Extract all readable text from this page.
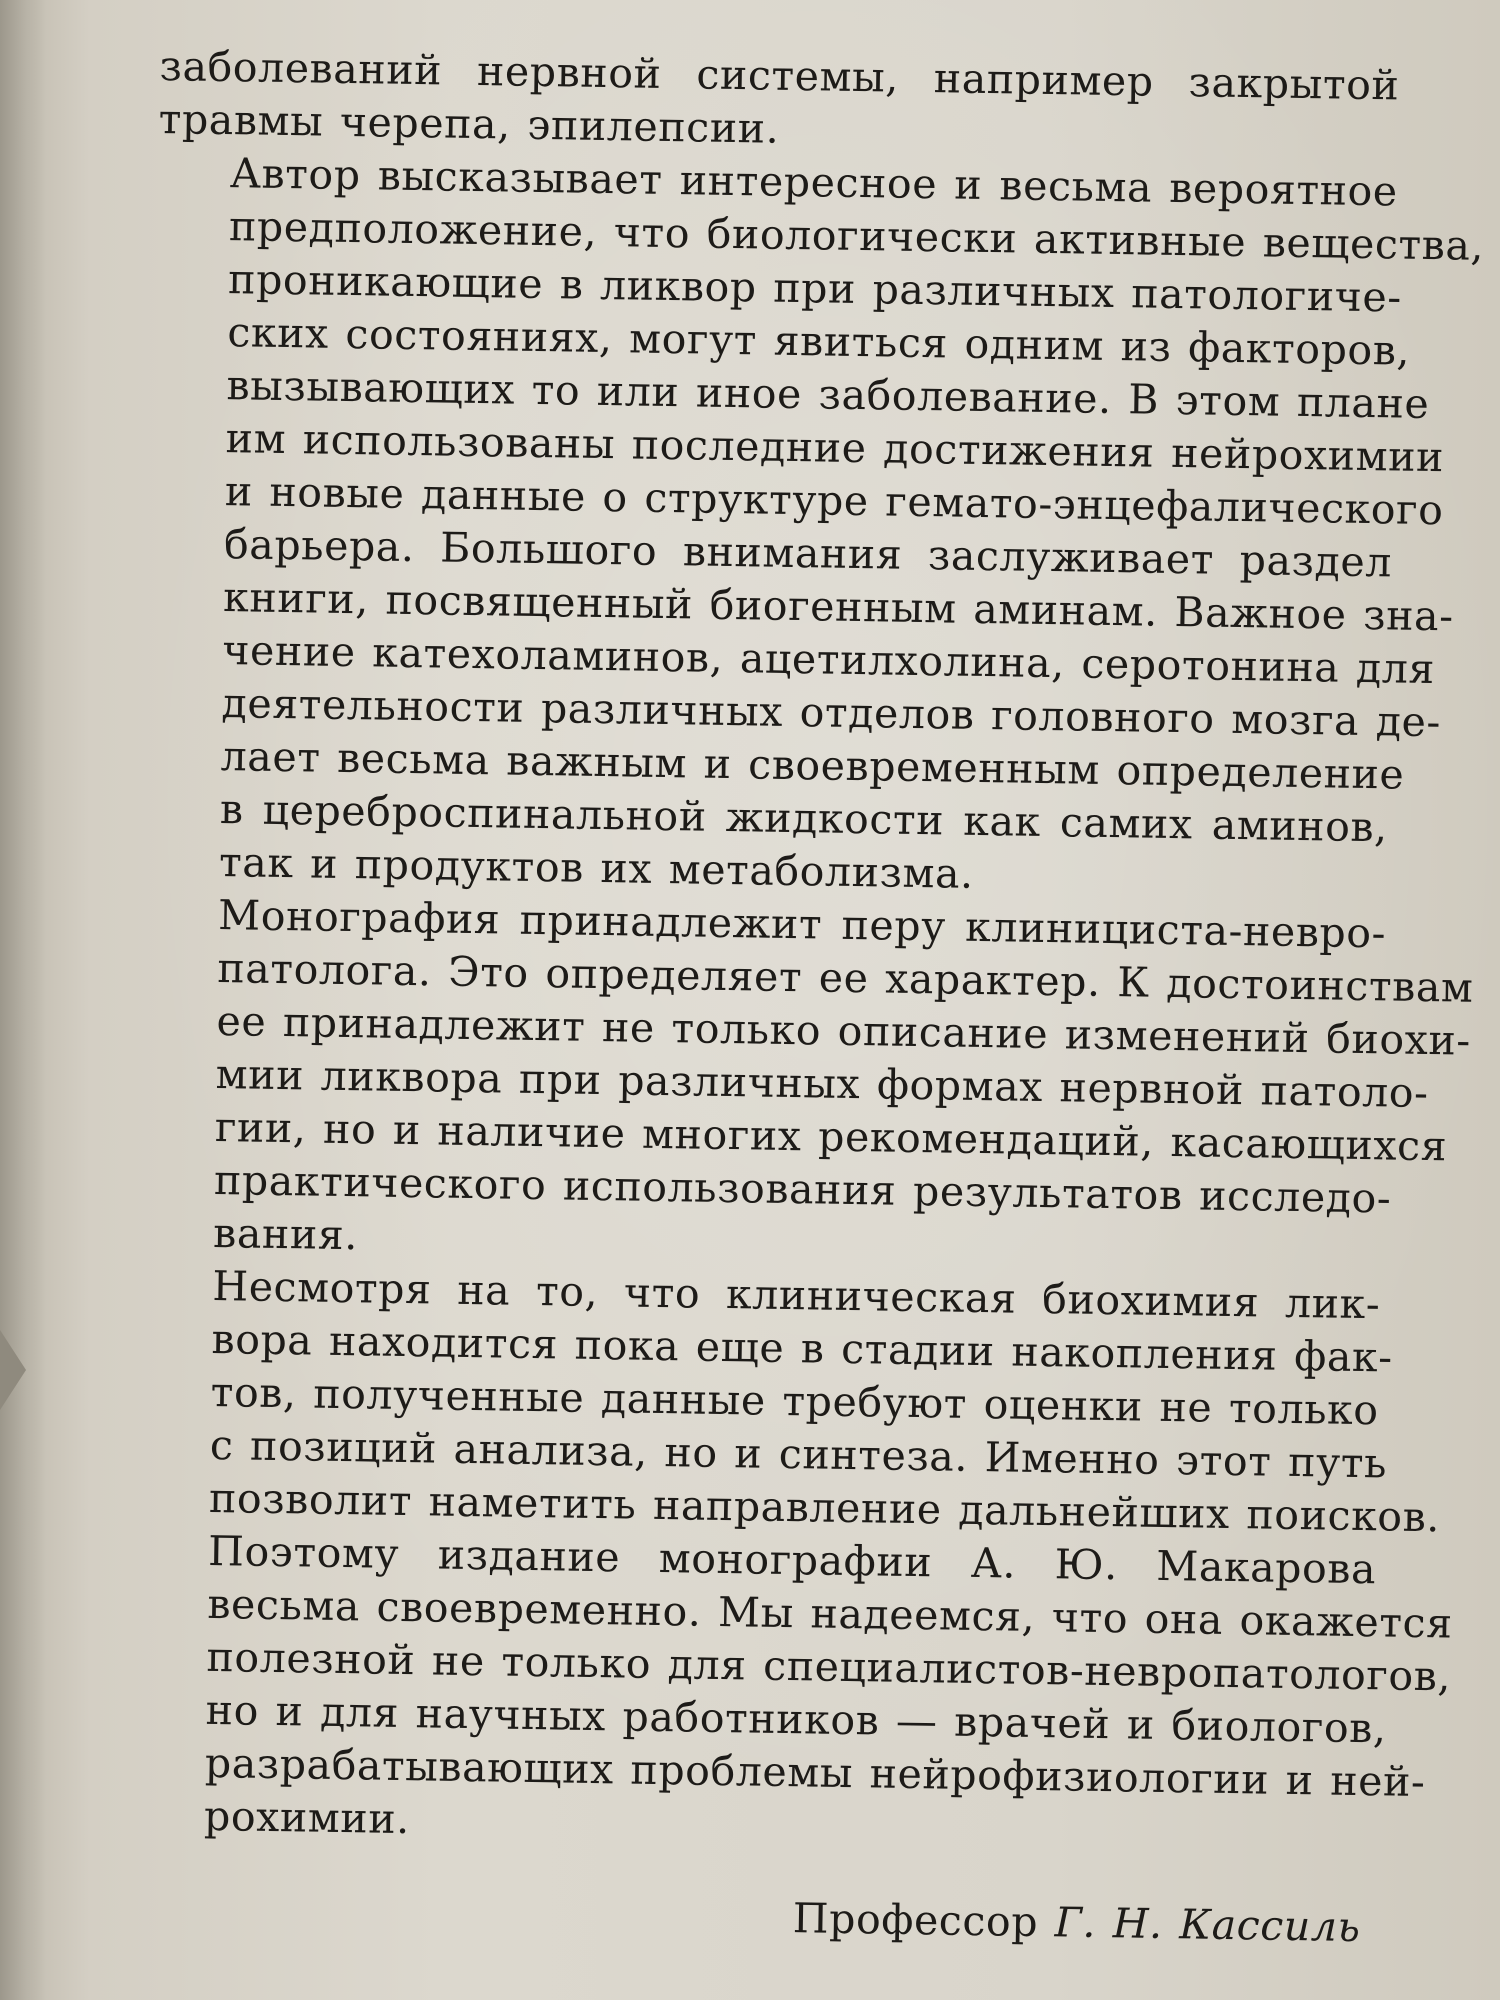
заболеваний нервной системы, например закрытой
травмы черепа, эпилепсии.

Автор высказывает интересное и весьма вероятное
предположение, что биологически активные вещества,
проникающие в ликвор при различных патологиче-
ских состояниях, могут явиться одним из факторов,
вызывающих то или иное заболевание. В этом плане
им использованы последние достижения нейрохимии
и новые данные о структуре гемато-энцефалического
барьера. Большого внимания заслуживает раздел
книги, посвященный биогенным аминам. Важное зна-
чение катехоламинов, ацетилхолина, серотонина для
деятельности различных отделов головного мозга де-
лает весьма важным и своевременным определение
в цереброспинальной жидкости как самих аминов,
так и продуктов их метаболизма.

Монография принадлежит перу клинициста-невро-
патолога. Это определяет ее характер. К достоинствам
ее принадлежит не только описание изменений биохи-
мии ликвора при различных формах нервной патоло-
гии, но и наличие многих рекомендаций, касающихся
практического использования результатов исследо-
вания.

Несмотря на то, что клиническая биохимия лик-
вора находится пока еще в стадии накопления фак-
тов, полученные данные требуют оценки не только
с позиций анализа, но и синтеза. Именно этот путь
позволит наметить направление дальнейших поисков.
Поэтому издание монографии А. Ю. Макарова
весьма своевременно. Мы надеемся, что она окажется
полезной не только для специалистов-невропатологов,
но и для научных работников — врачей и биологов,
разрабатывающих проблемы нейрофизиологии и ней-
рохимии.

Профессор Г. Н. Кассиль
